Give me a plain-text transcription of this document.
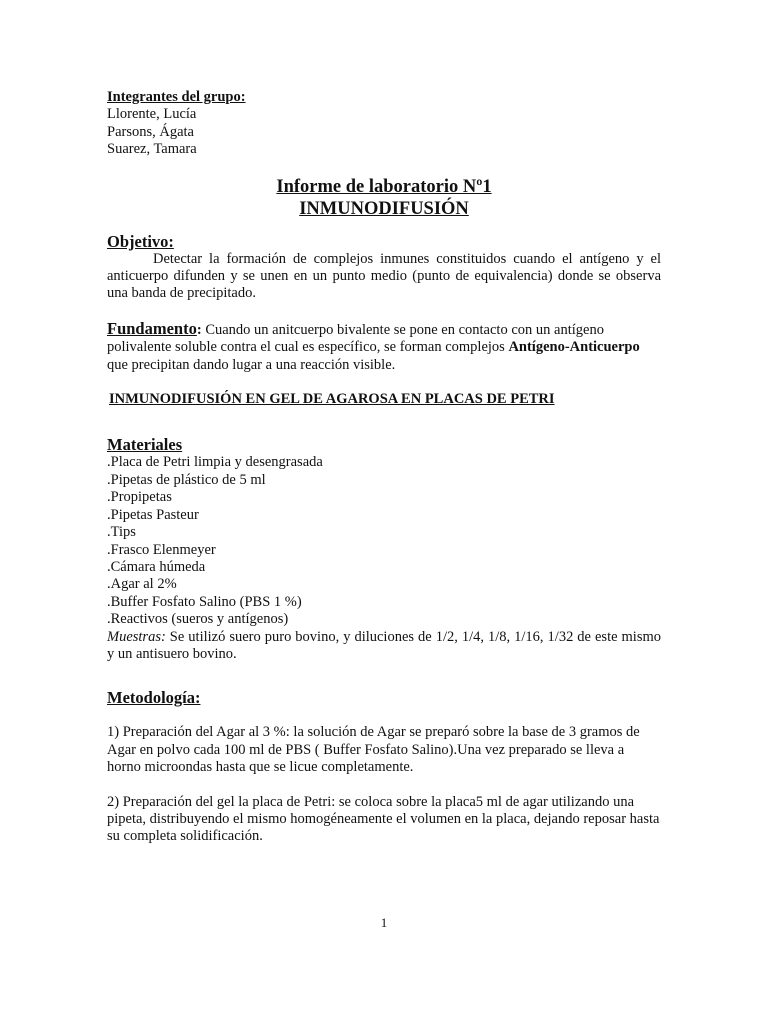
Integrantes del grupo:
Llorente, Lucía
Parsons, Ágata
Suarez, Tamara
Informe de laboratorio Nº1
INMUNODIFUSIÓN
Objetivo:
Detectar la formación de complejos inmunes constituidos cuando el antígeno y el anticuerpo difunden y se unen en un punto medio (punto de equivalencia) donde se observa una banda de precipitado.
Fundamento: Cuando un anitcuerpo bivalente se pone en contacto con un antígeno polivalente soluble contra el cual es específico, se forman complejos Antígeno-Anticuerpo que precipitan dando lugar a una reacción visible.
INMUNODIFUSIÓN EN GEL DE AGAROSA EN PLACAS DE PETRI
Materiales
.Placa de Petri limpia y desengrasada
.Pipetas de plástico de 5 ml
.Propipetas
.Pipetas Pasteur
.Tips
.Frasco Elenmeyer
.Cámara húmeda
.Agar al 2%
.Buffer Fosfato Salino (PBS 1 %)
.Reactivos (sueros y antígenos)
Muestras: Se utilizó suero puro bovino, y diluciones de 1/2, 1/4, 1/8, 1/16, 1/32 de este mismo y un antisuero bovino.
Metodología:
1) Preparación del Agar al 3 %: la solución de Agar se preparó sobre la base de 3 gramos de Agar en polvo cada 100 ml de PBS ( Buffer Fosfato Salino).Una vez preparado se lleva a horno microondas hasta que se licue completamente.
2) Preparación del gel la placa de Petri: se coloca sobre la placa5 ml de agar utilizando una pipeta, distribuyendo el mismo homogéneamente el volumen en la placa, dejando reposar hasta su completa solidificación.
1
